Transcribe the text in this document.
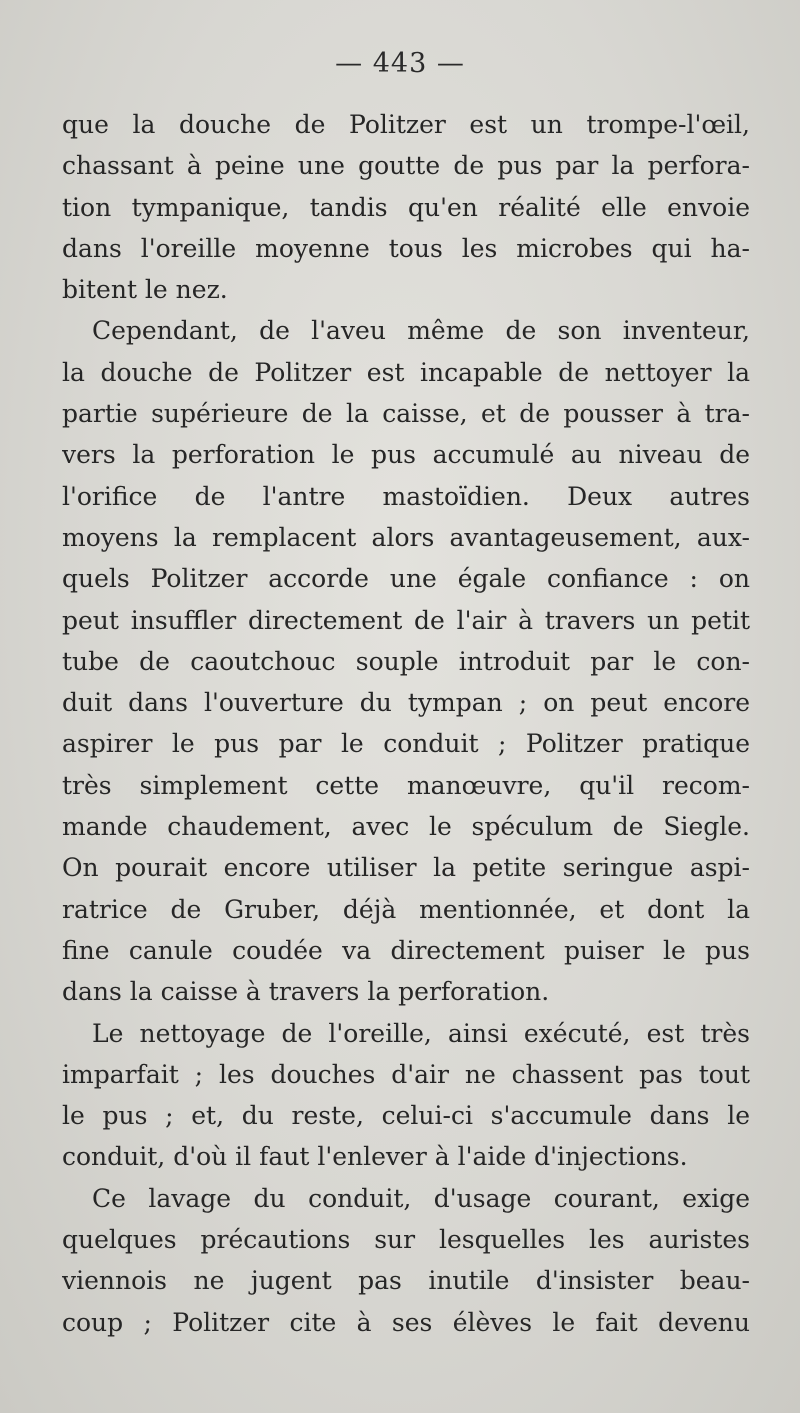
— 443 —
que la douche de Politzer est un trompe-l'œil,
chassant à peine une goutte de pus par la perfora-
tion tympanique, tandis qu'en réalité elle envoie
dans l'oreille moyenne tous les microbes qui ha-
bitent le nez.
Cependant, de l'aveu même de son inventeur,
la douche de Politzer est incapable de nettoyer la
partie supérieure de la caisse, et de pousser à tra-
vers la perforation le pus accumulé au niveau de
l'orifice de l'antre mastoïdien. Deux autres
moyens la remplacent alors avantageusement, aux-
quels Politzer accorde une égale confiance : on
peut insuffler directement de l'air à travers un petit
tube de caoutchouc souple introduit par le con-
duit dans l'ouverture du tympan ; on peut encore
aspirer le pus par le conduit ; Politzer pratique
très simplement cette manœuvre, qu'il recom-
mande chaudement, avec le spéculum de Siegle.
On pourait encore utiliser la petite seringue aspi-
ratrice de Gruber, déjà mentionnée, et dont la
fine canule coudée va directement puiser le pus
dans la caisse à travers la perforation.
Le nettoyage de l'oreille, ainsi exécuté, est très
imparfait ; les douches d'air ne chassent pas tout
le pus ; et, du reste, celui-ci s'accumule dans le
conduit, d'où il faut l'enlever à l'aide d'injections.
Ce lavage du conduit, d'usage courant, exige
quelques précautions sur lesquelles les auristes
viennois ne jugent pas inutile d'insister beau-
coup ; Politzer cite à ses élèves le fait devenu
